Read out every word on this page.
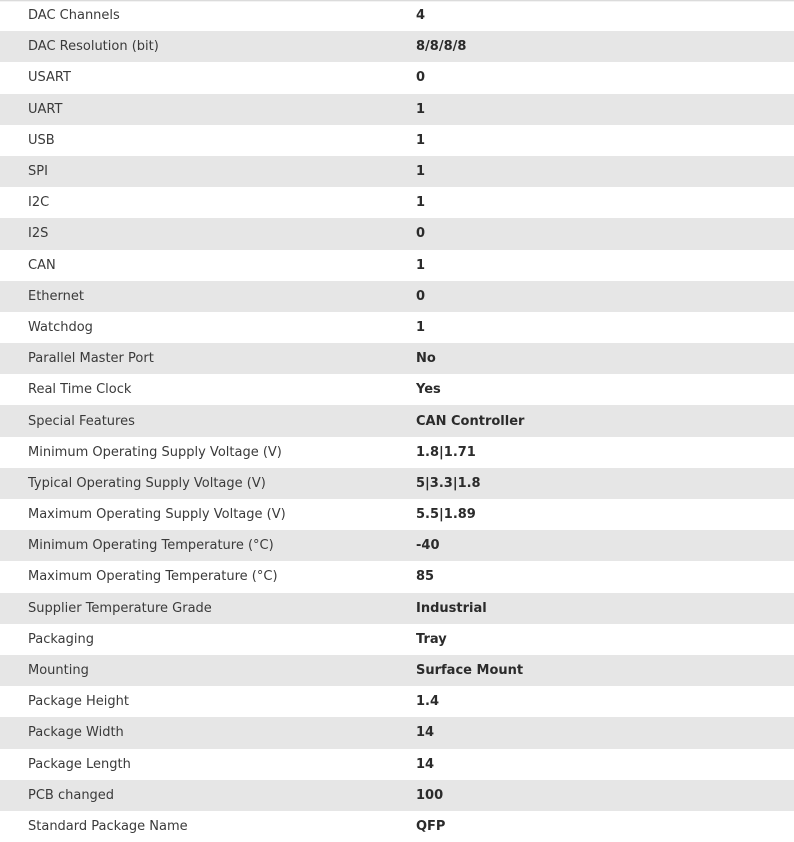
DAC Channels	4
DAC Resolution (bit)	8/8/8/8
USART	0
UART	1
USB	1
SPI	1
I2C	1
I2S	0
CAN	1
Ethernet	0
Watchdog	1
Parallel Master Port	No
Real Time Clock	Yes
Special Features	CAN Controller
Minimum Operating Supply Voltage (V)	1.8|1.71
Typical Operating Supply Voltage (V)	5|3.3|1.8
Maximum Operating Supply Voltage (V)	5.5|1.89
Minimum Operating Temperature (°C)	-40
Maximum Operating Temperature (°C)	85
Supplier Temperature Grade	Industrial
Packaging	Tray
Mounting	Surface Mount
Package Height	1.4
Package Width	14
Package Length	14
PCB changed	100
Standard Package Name	QFP
